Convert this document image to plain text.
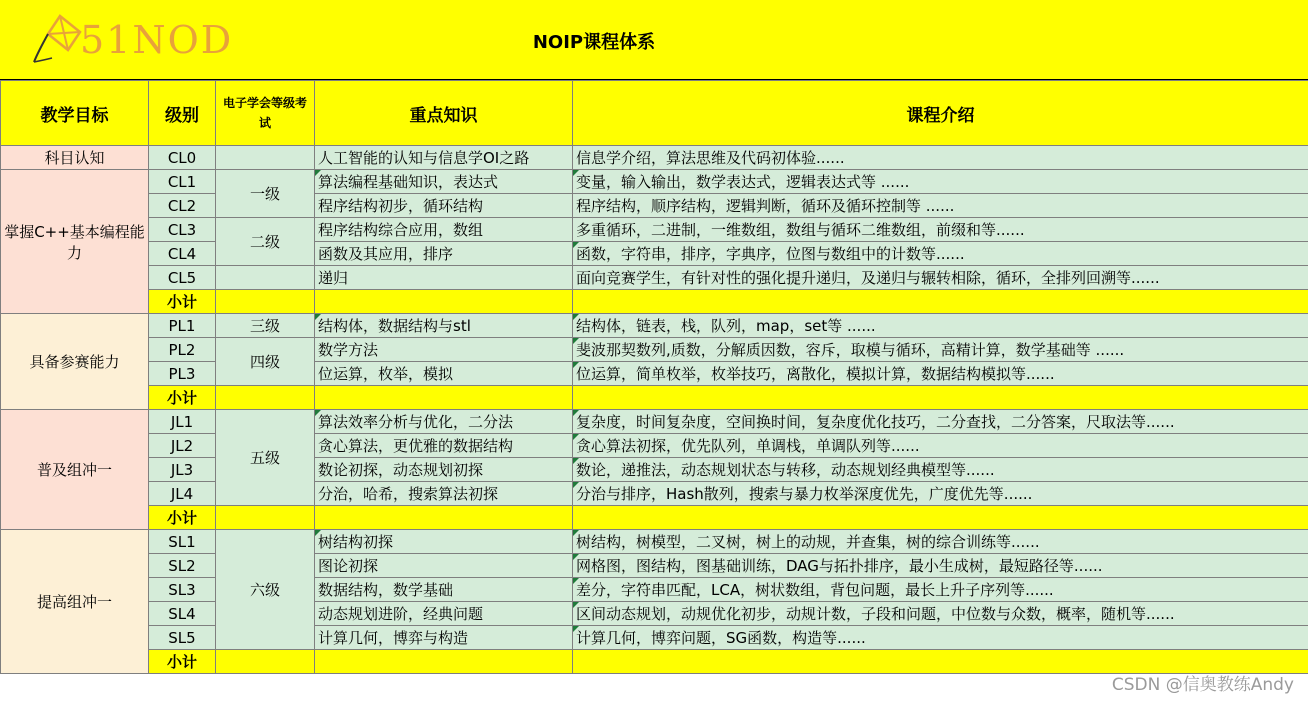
51NOD	NOIP课程体系
教学目标	级别	电子学会等级考试	重点知识	课程介绍
科目认知	CL0		人工智能的认知与信息学OI之路	信息学介绍，算法思维及代码初体验......
掌握C++基本编程能力	CL1	一级	算法编程基础知识，表达式	变量，输入输出，数学表达式，逻辑表达式等 ......
	CL2		程序结构初步，循环结构	程序结构，顺序结构，逻辑判断，循环及循环控制等 ......
	CL3	二级	程序结构综合应用，数组	多重循环，二进制，一维数组，数组与循环二维数组，前缀和等......
	CL4		函数及其应用，排序	函数，字符串，排序，字典序，位图与数组中的计数等......
	CL5		递归	面向竞赛学生，有针对性的强化提升递归，及递归与辗转相除，循环，全排列回溯等......
	小计			
具备参赛能力	PL1	三级	结构体，数据结构与stl	结构体，链表，栈，队列，map，set等 ......
	PL2	四级	数学方法	斐波那契数列,质数，分解质因数，容斥，取模与循环，高精计算，数学基础等 ......
	PL3		位运算，枚举，模拟	位运算，简单枚举，枚举技巧，离散化，模拟计算，数据结构模拟等......
	小计			
普及组冲一	JL1	五级	算法效率分析与优化，二分法	复杂度，时间复杂度，空间换时间，复杂度优化技巧，二分查找，二分答案，尺取法等......
	JL2		贪心算法，更优雅的数据结构	贪心算法初探，优先队列，单调栈，单调队列等......
	JL3		数论初探，动态规划初探	数论，递推法，动态规划状态与转移，动态规划经典模型等......
	JL4		分治，哈希，搜索算法初探	分治与排序，Hash散列，搜索与暴力枚举深度优先，广度优先等......
	小计			
提高组冲一	SL1	六级	树结构初探	树结构，树模型，二叉树，树上的动规，并查集，树的综合训练等......
	SL2		图论初探	网格图，图结构，图基础训练，DAG与拓扑排序，最小生成树，最短路径等......
	SL3		数据结构，数学基础	差分，字符串匹配，LCA，树状数组，背包问题，最长上升子序列等......
	SL4		动态规划进阶，经典问题	区间动态规划，动规优化初步，动规计数，子段和问题，中位数与众数，概率，随机等......
	SL5		计算几何，博弈与构造	计算几何，博弈问题，SG函数，构造等......
	小计			
CSDN @信奥教练Andy
